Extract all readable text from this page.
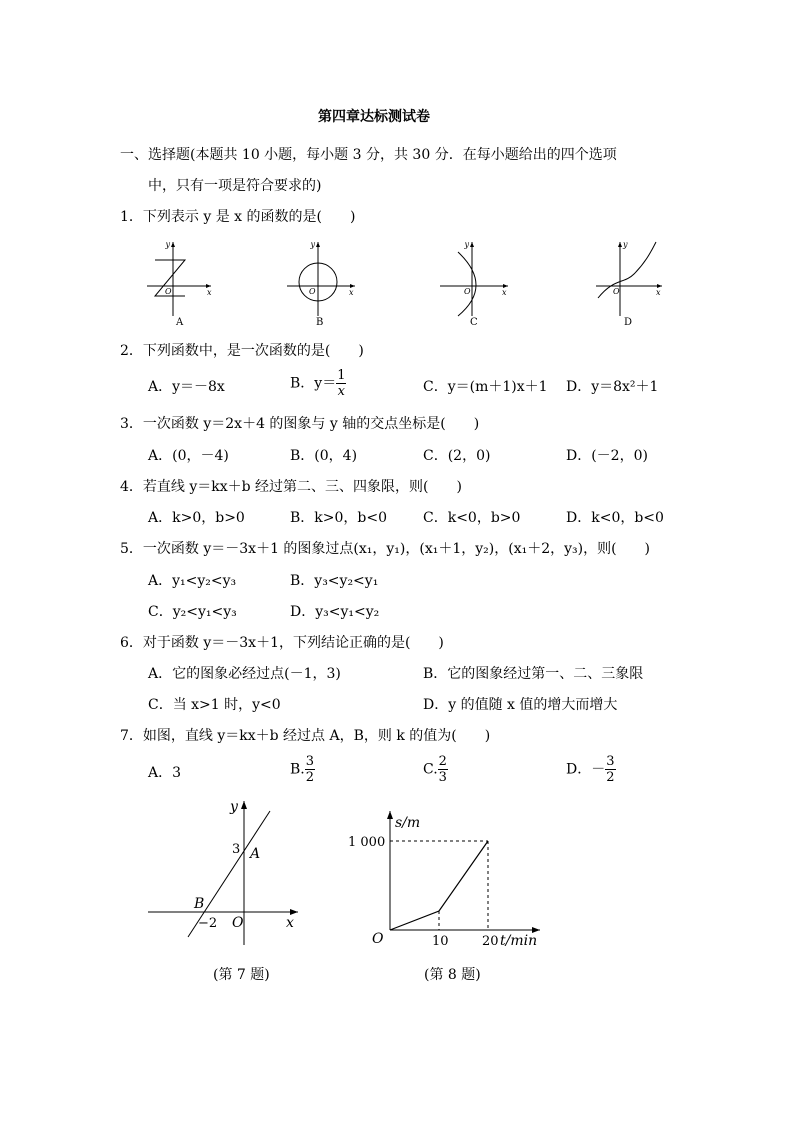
第四章达标测试卷
一、选择题(本题共 10 小题，每小题 3 分，共 30 分．在每小题给出的四个选项
中，只有一项是符合要求的)
1．下列表示 y 是 x 的函数的是(　　)
y
x
O
y
x
O
y
x
O
y
x
O
A	B	C	D
2．下列函数中，是一次函数的是(　　)
A．y＝－8x	B．$y= \frac{1}{x}$	C．y＝(m＋1)x＋1 D．y＝8x²＋1
3．一次函数 y＝2x＋4 的图象与 y 轴的交点坐标是(　　)
A．(0，－4)	B．(0，4)	C．(2，0)	D．(－2，0)
4．若直线 y＝kx＋b 经过第二、三、四象限，则(　　)
A．k>0，b>0	B．k>0，b<0	C．k<0，b>0	D．k<0，b<0
5．一次函数 y＝－3x＋1 的图象过点(x₁，y₁)，(x₁＋1，y₂)，(x₁＋2，y₃)，则(　　)
A．y₁<y₂<y₃	B．y₃<y₂<y₁
C．y₂<y₁<y₃	D．y₃<y₁<y₂
6．对于函数 y＝－3x＋1，下列结论正确的是(　　)
A．它的图象必经过点(－1，3)	B．它的图象经过第一、二、三象限
C．当 x>1 时，y<0	D．y 的值随 x 值的增大而增大
7．如图，直线 y＝kx＋b 经过点 A，B，则 k 的值为(　　)
A．3	B. $\frac{3}{2}$	C. $\frac{2}{3}$	D．－ $\frac{3}{2}$
y
x
O
3
−2
A
B
(第 7 题)
s/m
1 000
O	10	20 t/min
(第 8 题)
